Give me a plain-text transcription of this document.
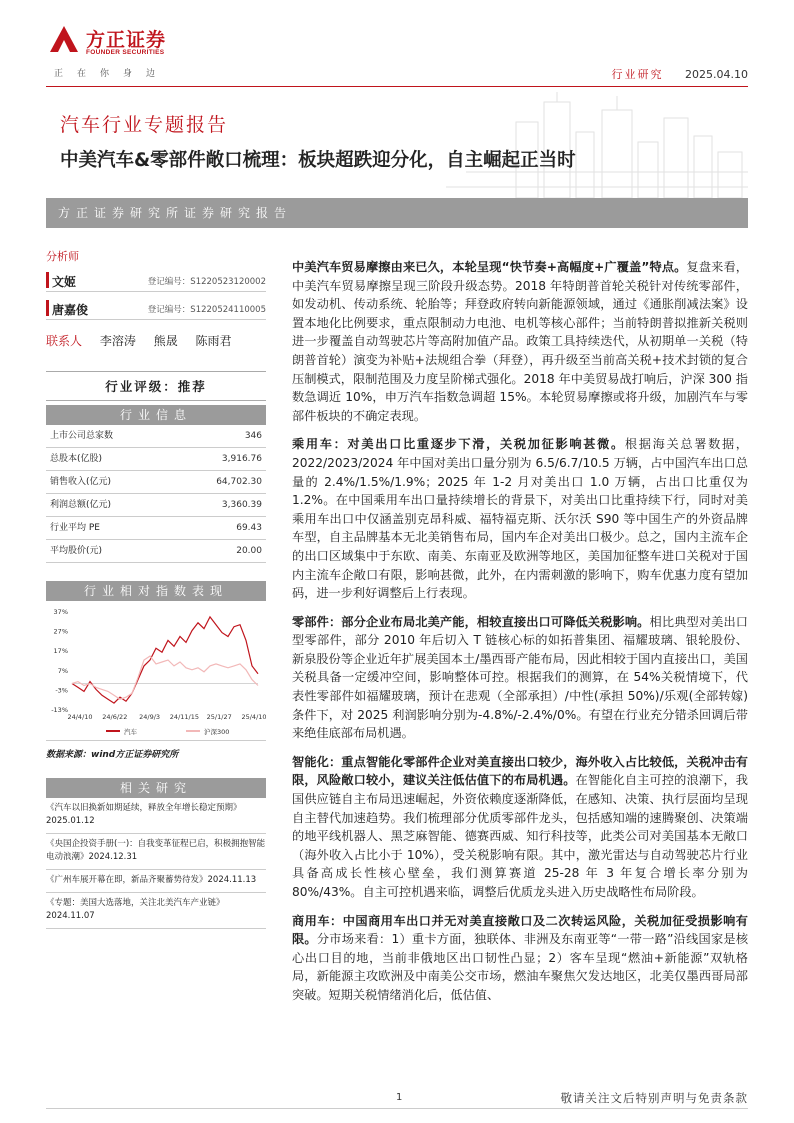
方正证券
FOUNDER SECURITIES
正在你身边	行业研究 2025.04.10
汽车行业专题报告
中美汽车&零部件敞口梳理：板块超跌迎分化，自主崛起正当时
方正证券研究所证券研究报告
分析师
文姬	登记编号：S1220523120002
唐嘉俊	登记编号：S1220524110005
联系人 李溶涛 熊晟 陈雨君
行业评级：推荐
行业信息
上市公司总家数	346
总股本(亿股)	3,916.76
销售收入(亿元)	64,702.30
利润总额(亿元)	3,360.39
行业平均 PE	69.43
平均股价(元)	20.00
行业相对指数表现
37%
27%
17%
7%
-3%
-13%
24/4/10 24/6/22 24/9/3 24/11/15 25/1/27 25/4/10
汽车	沪深300
数据来源：wind方正证券研究所
相关研究
《汽车以旧换新如期延续，释放全年增长稳定预期》2025.01.12
《央国企投资手册(一)：自我变革征程已启，积极拥抱智能电动浪潮》2024.12.31
《广州车展开幕在即，新品齐聚蓄势待发》2024.11.13
《专题：美国大选落地，关注北美汽车产业链》2024.11.07

中美汽车贸易摩擦由来已久，本轮呈现“快节奏+高幅度+广覆盖”特点。复盘来看，中美汽车贸易摩擦呈现三阶段升级态势。2018 年特朗普首轮关税针对传统零部件，如发动机、传动系统、轮胎等；拜登政府转向新能源领域，通过《通胀削减法案》设置本地化比例要求，重点限制动力电池、电机等核心部件；当前特朗普拟推新关税则进一步覆盖自动驾驶芯片等高附加值产品。政策工具持续迭代，从初期单一关税（特朗普首轮）演变为补贴+法规组合拳（拜登），再升级至当前高关税+技术封锁的复合压制模式，限制范围及力度呈阶梯式强化。2018 年中美贸易战打响后，沪深 300 指数急调近 10%，申万汽车指数急调超 15%。本轮贸易摩擦或将升级，加剧汽车与零部件板块的不确定表现。

乘用车：对美出口比重逐步下滑，关税加征影响甚微。根据海关总署数据，2022/2023/2024 年中国对美出口量分别为 6.5/6.7/10.5 万辆，占中国汽车出口总量的 2.4%/1.5%/1.9%；2025 年 1-2 月对美出口 1.0 万辆，占出口比重仅为 1.2%。在中国乘用车出口量持续增长的背景下，对美出口比重持续下行，同时对美乘用车出口中仅涵盖别克昂科威、福特福克斯、沃尔沃 S90 等中国生产的外资品牌车型，自主品牌基本无北美销售布局，国内车企对美出口极少。总之，国内主流车企的出口区域集中于东欧、南美、东南亚及欧洲等地区，美国加征整车进口关税对于国内主流车企敞口有限，影响甚微，此外，在内需刺激的影响下，购车优惠力度有望加码，进一步利好调整后上行表现。

零部件：部分企业布局北美产能，相较直接出口可降低关税影响。相比典型对美出口型零部件，部分 2010 年后切入 T 链核心标的如拓普集团、福耀玻璃、银轮股份、新泉股份等企业近年扩展美国本土/墨西哥产能布局，因此相较于国内直接出口，美国关税具备一定缓冲空间，影响整体可控。根据我们的测算，在 54%关税情境下，代表性零部件如福耀玻璃，预计在悲观（全部承担）/中性(承担 50%)/乐观(全部转嫁)条件下，对 2025 利润影响分别为-4.8%/-2.4%/0%。有望在行业充分错杀回调后带来绝佳底部布局机遇。

智能化：重点智能化零部件企业对美直接出口较少，海外收入占比较低，关税冲击有限，风险敞口较小，建议关注低估值下的布局机遇。在智能化自主可控的浪潮下，我国供应链自主布局迅速崛起，外资依赖度逐渐降低，在感知、决策、执行层面均呈现自主替代加速趋势。我们梳理部分优质零部件龙头，包括感知端的速腾聚创、决策端的地平线机器人、黑芝麻智能、德赛西威、知行科技等，此类公司对美国基本无敞口（海外收入占比小于 10%），受关税影响有限。其中，激光雷达与自动驾驶芯片行业具备高成长性核心壁垒，我们测算赛道 25-28 年 3 年复合增长率分别为 80%/43%。自主可控机遇来临，调整后优质龙头进入历史战略性布局阶段。

商用车：中国商用车出口并无对美直接敞口及二次转运风险，关税加征受损影响有限。分市场来看：1）重卡方面，独联体、非洲及东南亚等“一带一路”沿线国家是核心出口目的地，当前非俄地区出口韧性凸显；2）客车呈现“燃油+新能源”双轨格局，新能源主攻欧洲及中南美公交市场，燃油车聚焦欠发达地区，北美仅墨西哥局部突破。短期关税情绪消化后，低估值、

1	敬请关注文后特别声明与免责条款
